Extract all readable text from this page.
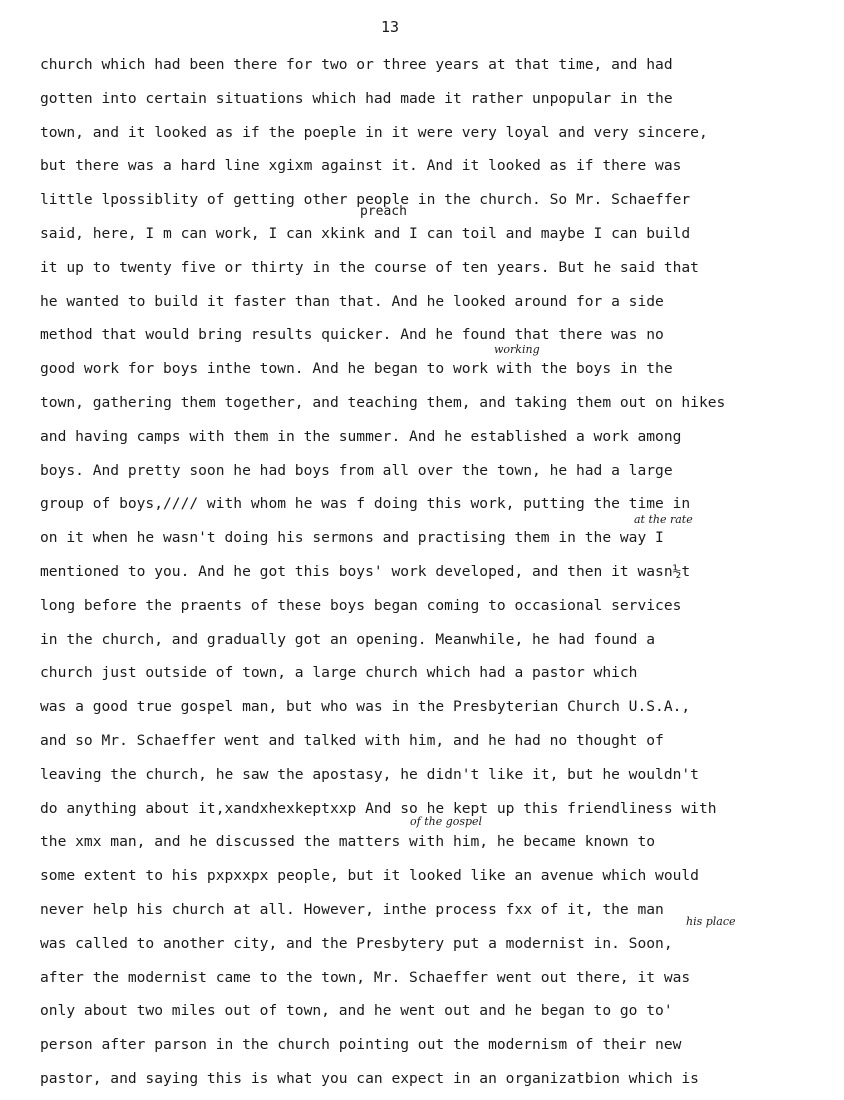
13
church which had been there for two or three years at that time, and had
gotten into certain situations which had made it rather unpopular in the
town, and it looked as if the poeple in it were very loyal and very sincere,
but there was a hard line xgixm against it. And it looked as if there was
little lpossiblity of getting other people in the church. So Mr. Schaeffer
said, here, I m can work, I can xkink and I can toil and maybe I can build
it up to twenty five or thirty in the course of ten years. But he said that
he wanted to build it faster than that. And he looked around for a side
method that would bring results quicker. And he found that there was no
good work for boys inthe town. And he began to work with the boys in the
town, gathering them together, and teaching them, and taking them out on hikes
and having camps with them in the summer. And he established a work among
boys. And pretty soon he had boys from all over the town, he had a large
group of boys,//// with whom he was f doing this work, putting the time in
on it when he wasn't doing his sermons and practising them in the way I
mentioned to you. And he got this boys' work developed, and then it wasn½t
long before the praents of these boys began coming to occasional services
in the church, and gradually got an opening. Meanwhile, he had found a
church just outside of town, a large church which had a pastor which
was a good true gospel man, but who was in the Presbyterian Church U.S.A.,
and so Mr. Schaeffer went and talked with him, and he had no thought of
leaving the church, he saw the apostasy, he didn't like it, but he wouldn't
do anything about it,xandxhexkeptxxp And so he kept up this friendliness with
the xmx man, and he discussed the matters with him, he became known to
some extent to his pxpxxpx people, but it looked like an avenue which would
never help his church at all. However, inthe process fxx of it, the man
was called to another city, and the Presbytery put a modernist in. Soon,
after the modernist came to the town, Mr. Schaeffer went out there, it was
only about two miles out of town, and he went out and he began to go to'
person after parson in the church pointing out the modernism of their new
pastor, and saying this is what you can expect in an organizatbion which is
preach
working
at the rate
of the gospel
his place
